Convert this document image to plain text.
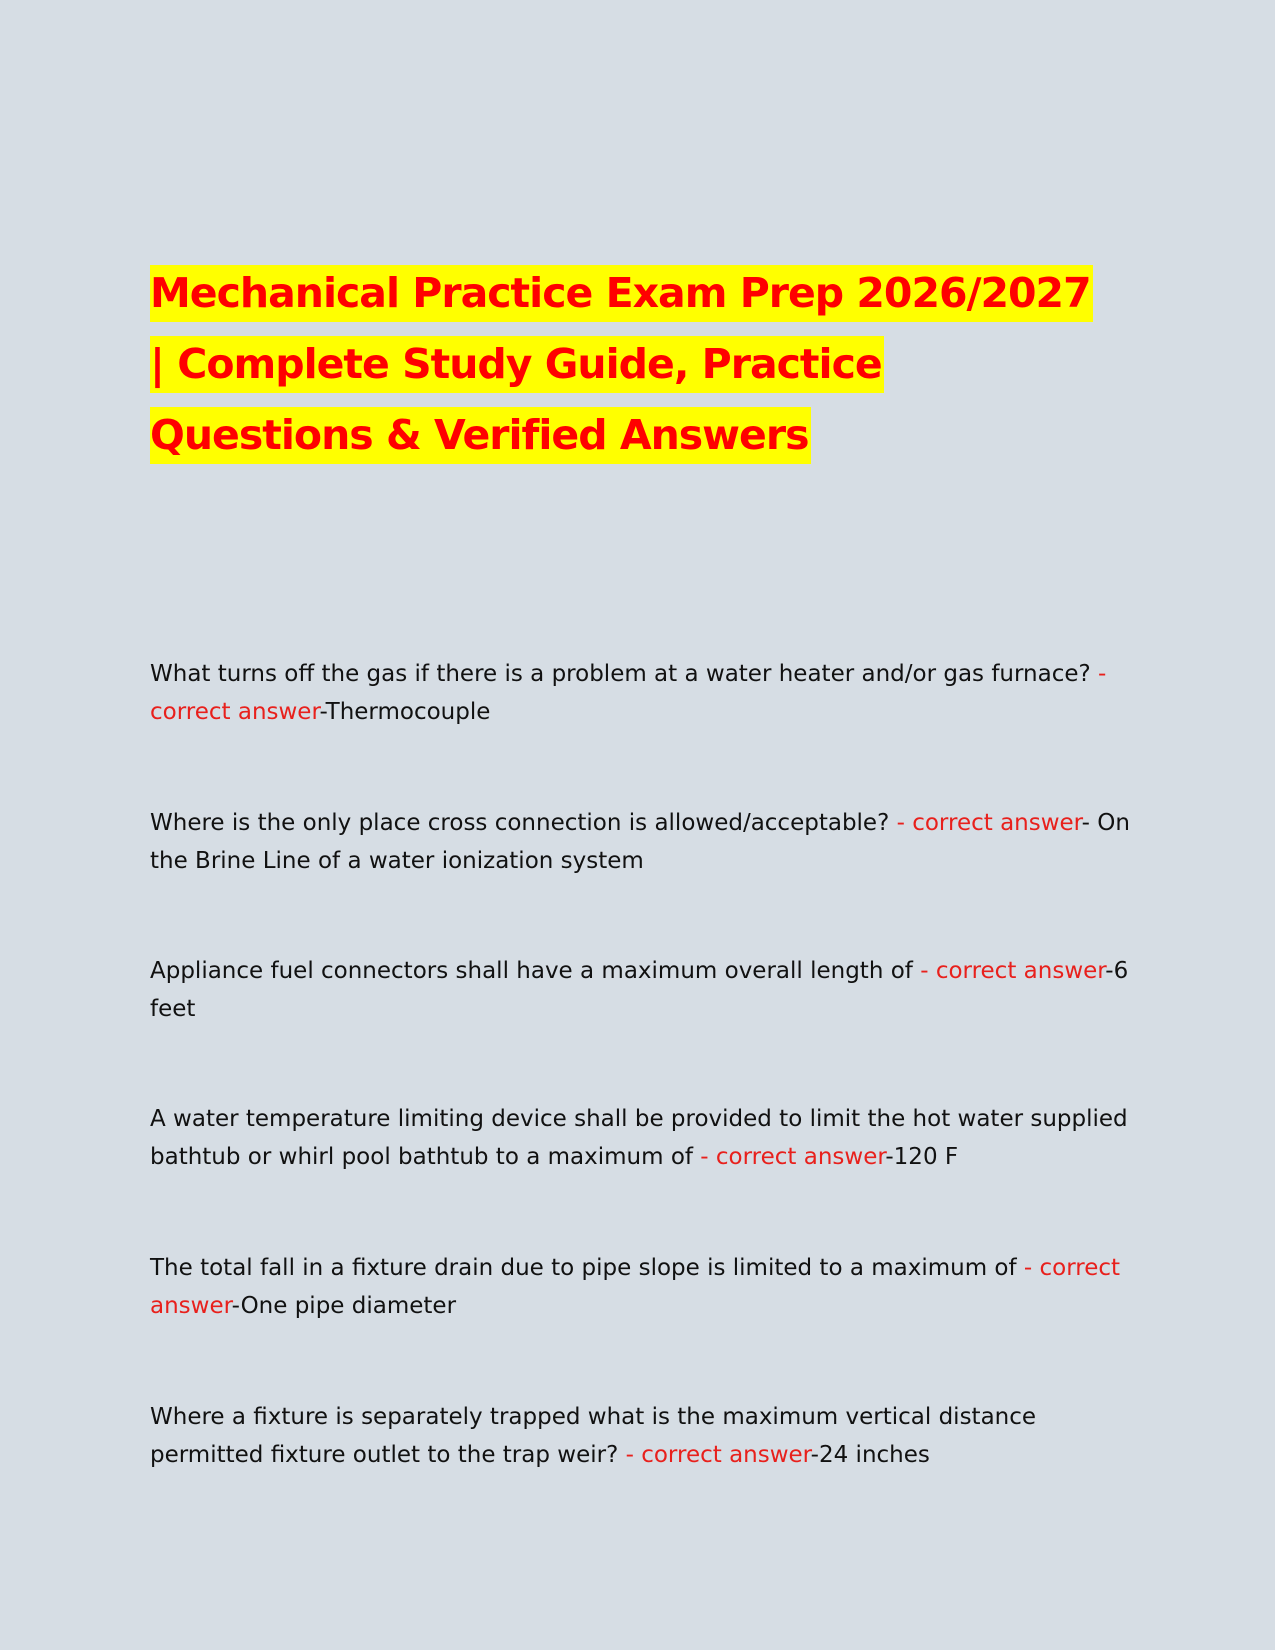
Mechanical Practice Exam Prep 2026/2027
| Complete Study Guide, Practice
Questions & Verified Answers
What turns off the gas if there is a problem at a water heater and/or gas furnace? - correct answer-Thermocouple
Where is the only place cross connection is allowed/acceptable? - correct answer- On the Brine Line of a water ionization system
Appliance fuel connectors shall have a maximum overall length of - correct answer-6 feet
A water temperature limiting device shall be provided to limit the hot water supplied bathtub or whirl pool bathtub to a maximum of - correct answer-120 F
The total fall in a fixture drain due to pipe slope is limited to a maximum of - correct answer-One pipe diameter
Where a fixture is separately trapped what is the maximum vertical distance permitted fixture outlet to the trap weir? - correct answer-24 inches
